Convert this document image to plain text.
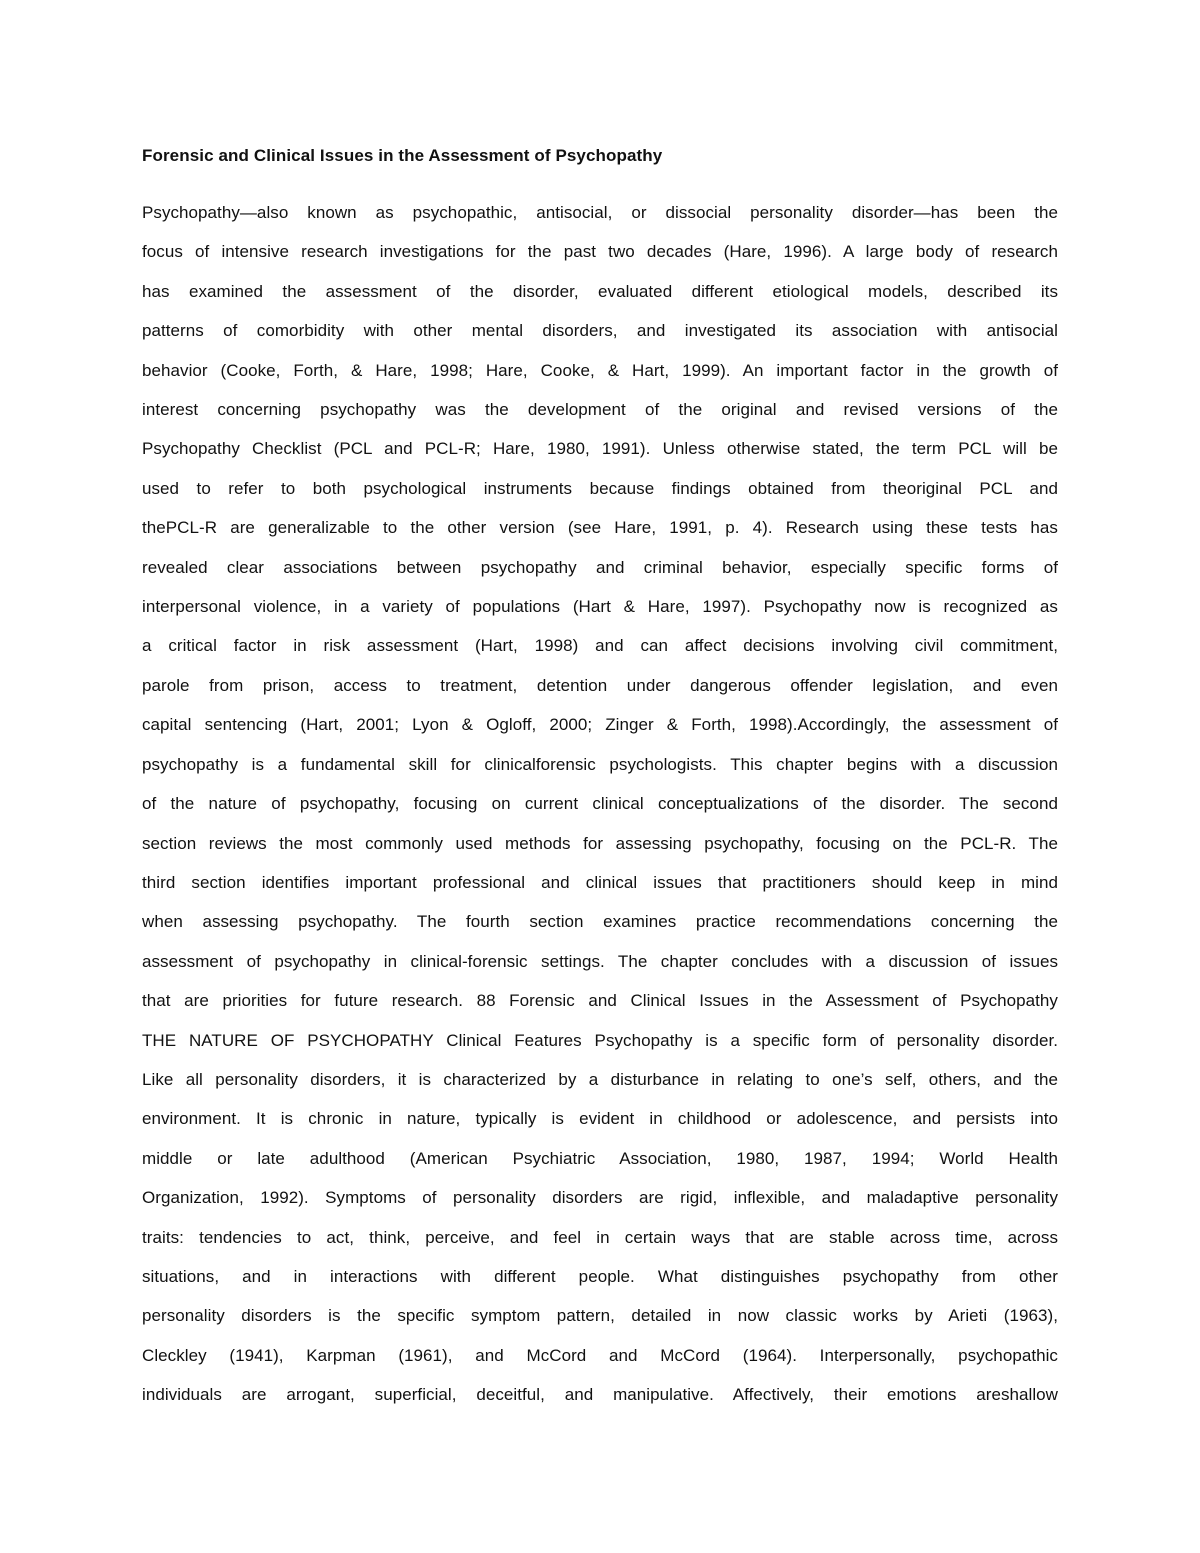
Forensic and Clinical Issues in the Assessment of Psychopathy
Psychopathy—also known as psychopathic, antisocial, or dissocial personality disorder—has been the
focus of intensive research investigations for the past two decades (Hare, 1996). A large body of research
has examined the assessment of the disorder, evaluated different etiological models, described its
patterns of comorbidity with other mental disorders, and investigated its association with antisocial
behavior (Cooke, Forth, & Hare, 1998; Hare, Cooke, & Hart, 1999). An important factor in the growth of
interest concerning psychopathy was the development of the original and revised versions of the
Psychopathy Checklist (PCL and PCL-R; Hare, 1980, 1991). Unless otherwise stated, the term PCL will be
used to refer to both psychological instruments because findings obtained from theoriginal PCL and
thePCL-R are generalizable to the other version (see Hare, 1991, p. 4). Research using these tests has
revealed clear associations between psychopathy and criminal behavior, especially specific forms of
interpersonal violence, in a variety of populations (Hart & Hare, 1997). Psychopathy now is recognized as
a critical factor in risk assessment (Hart, 1998) and can affect decisions involving civil commitment,
parole from prison, access to treatment, detention under dangerous offender legislation, and even
capital sentencing (Hart, 2001; Lyon & Ogloff, 2000; Zinger & Forth, 1998).Accordingly, the assessment of
psychopathy is a fundamental skill for clinicalforensic psychologists. This chapter begins with a discussion
of the nature of psychopathy, focusing on current clinical conceptualizations of the disorder. The second
section reviews the most commonly used methods for assessing psychopathy, focusing on the PCL-R. The
third section identifies important professional and clinical issues that practitioners should keep in mind
when assessing psychopathy. The fourth section examines practice recommendations concerning the
assessment of psychopathy in clinical-forensic settings. The chapter concludes with a discussion of issues
that are priorities for future research. 88 Forensic and Clinical Issues in the Assessment of Psychopathy
THE NATURE OF PSYCHOPATHY Clinical Features Psychopathy is a specific form of personality disorder.
Like all personality disorders, it is characterized by a disturbance in relating to one’s self, others, and the
environment. It is chronic in nature, typically is evident in childhood or adolescence, and persists into
middle or late adulthood (American Psychiatric Association, 1980, 1987, 1994; World Health
Organization, 1992). Symptoms of personality disorders are rigid, inflexible, and maladaptive personality
traits: tendencies to act, think, perceive, and feel in certain ways that are stable across time, across
situations, and in interactions with different people. What distinguishes psychopathy from other
personality disorders is the specific symptom pattern, detailed in now classic works by Arieti (1963),
Cleckley (1941), Karpman (1961), and McCord and McCord (1964). Interpersonally, psychopathic
individuals are arrogant, superficial, deceitful, and manipulative. Affectively, their emotions areshallow
